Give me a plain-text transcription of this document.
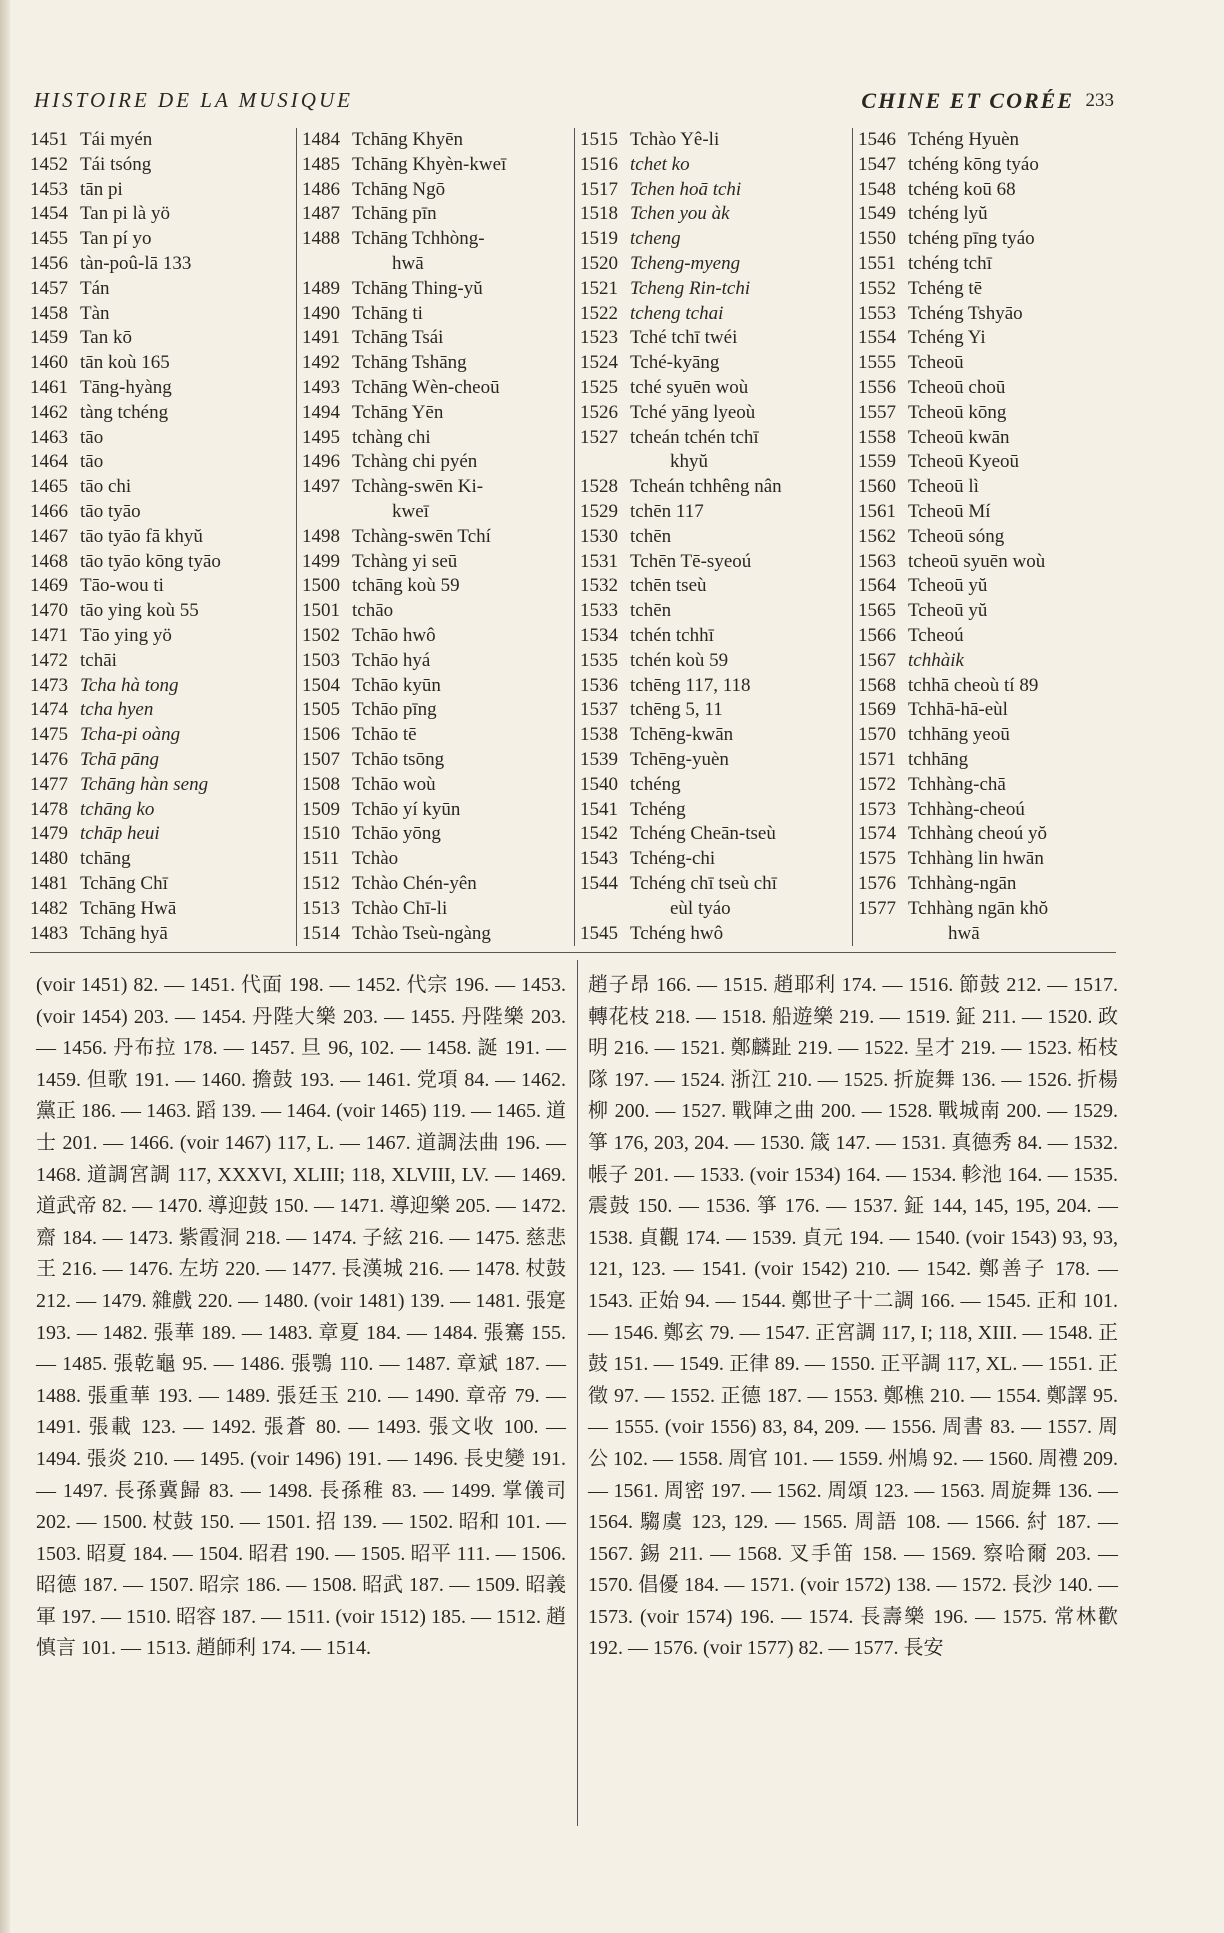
HISTOIRE DE LA MUSIQUE	CHINE ET CORÉE 233
1451 Tái myén
1452 Tái tsóng
1453 tān pi
1454 Tan pi là yö
1455 Tan pí yo
1456 tàn-poû-lā 133
1457 Tán
1458 Tàn
1459 Tan kō
1460 tān koù 165
1461 Tāng-hyàng
1462 tàng tchéng
1463 tāo
1464 tāo
1465 tāo chi
1466 tāo tyāo
1467 tāo tyāo fā khyŭ
1468 tāo tyāo kōng tyāo
1469 Tāo-wou ti
1470 tāo ying koù 55
1471 Tāo ying yö
1472 tchāi
1473 Tcha hà tong
1474 tcha hyen
1475 Tcha-pi oàng
1476 Tchā pāng
1477 Tchāng hàn seng
1478 tchāng ko
1479 tchāp heui
1480 tchāng
1481 Tchāng Chī
1482 Tchāng Hwā
1483 Tchāng hyā
1484 Tchāng Khyēn
1485 Tchāng Khyèn-kweī
1486 Tchāng Ngō
1487 Tchāng pīn
1488 Tchāng Tchhòng-
hwā
1489 Tchāng Thing-yŭ
1490 Tchāng ti
1491 Tchāng Tsái
1492 Tchāng Tshāng
1493 Tchāng Wèn-cheoū
1494 Tchāng Yēn
1495 tchàng chi
1496 Tchàng chi pyén
1497 Tchàng-swēn Ki-
kweī
1498 Tchàng-swēn Tchí
1499 Tchàng yi seū
1500 tchāng koù 59
1501 tchāo
1502 Tchāo hwô
1503 Tchāo hyá
1504 Tchāo kyūn
1505 Tchāo pīng
1506 Tchāo tē
1507 Tchāo tsōng
1508 Tchāo woù
1509 Tchāo yí kyūn
1510 Tchāo yōng
1511 Tchào
1512 Tchào Chén-yên
1513 Tchào Chī-li
1514 Tchào Tseù-ngàng
1515 Tchào Yê-li
1516 tchet ko
1517 Tchen hoā tchi
1518 Tchen you àk
1519 tcheng
1520 Tcheng-myeng
1521 Tcheng Rin-tchi
1522 tcheng tchai
1523 Tché tchī twéi
1524 Tché-kyāng
1525 tché syuēn woù
1526 Tché yāng lyeoù
1527 tcheán tchén tchī
khyŭ
1528 Tcheán tchhêng nân
1529 tchēn 117
1530 tchēn
1531 Tchēn Tē-syeoú
1532 tchēn tseù
1533 tchēn
1534 tchén tchhī
1535 tchén koù 59
1536 tchēng 117, 118
1537 tchēng 5, 11
1538 Tchēng-kwān
1539 Tchēng-yuèn
1540 tchéng
1541 Tchéng
1542 Tchéng Cheān-tseù
1543 Tchéng-chi
1544 Tchéng chī tseù chī
eùl tyáo
1545 Tchéng hwô
1546 Tchéng Hyuèn
1547 tchéng kōng tyáo
1548 tchéng koū 68
1549 tchéng lyŭ
1550 tchéng pīng tyáo
1551 tchéng tchī
1552 Tchéng tē
1553 Tchéng Tshyāo
1554 Tchéng Yi
1555 Tcheoū
1556 Tcheoū choū
1557 Tcheoū kōng
1558 Tcheoū kwān
1559 Tcheoū Kyeoū
1560 Tcheoū lì
1561 Tcheoū Mí
1562 Tcheoū sóng
1563 tcheoū syuēn woù
1564 Tcheoū yŭ
1565 Tcheoū yŭ
1566 Tcheoú
1567 tchhàik
1568 tchhā cheoù tí 89
1569 Tchhā-hā-eùl
1570 tchhāng yeoū
1571 tchhāng
1572 Tchhàng-chā
1573 Tchhàng-cheoú
1574 Tchhàng cheoú yŏ
1575 Tchhàng lin hwān
1576 Tchhàng-ngān
1577 Tchhàng ngān khŏ
hwā
(voir 1451) 82. — 1451. 代面 198. — 1452. 代宗 196. — 1453. (voir 1454) 203. — 1454. 丹陛大樂 203. — 1455. 丹陛樂 203. — 1456. 丹布拉 178. — 1457. 旦 96, 102. — 1458. 誕 191. — 1459. 但歌 191. — 1460. 擔鼓 193. — 1461. 党項 84. — 1462. 黨正 186. — 1463. 蹈 139. — 1464. (voir 1465) 119. — 1465. 道士 201. — 1466. (voir 1467) 117, L. — 1467. 道調法曲 196. — 1468. 道調宮調 117, XXXVI, XLIII; 118, XLVIII, LV. — 1469. 道武帝 82. — 1470. 導迎鼓 150. — 1471. 導迎樂 205. — 1472. 齋 184. — 1473. 紫霞洞 218. — 1474. 子絃 216. — 1475. 慈悲王 216. — 1476. 左坊 220. — 1477. 長漢城 216. — 1478. 杖鼓 212. — 1479. 雜戲 220. — 1480. (voir 1481) 139. — 1481. 張寔 193. — 1482. 張華 189. — 1483. 章夏 184. — 1484. 張騫 155. — 1485. 張乾龜 95. — 1486. 張鶚 110. — 1487. 章斌 187. — 1488. 張重華 193. — 1489. 張廷玉 210. — 1490. 章帝 79. — 1491. 張載 123. — 1492. 張蒼 80. — 1493. 張文收 100. — 1494. 張炎 210. — 1495. (voir 1496) 191. — 1496. 長史變 191. — 1497. 長孫冀歸 83. — 1498. 長孫稚 83. — 1499. 掌儀司 202. — 1500. 杖鼓 150. — 1501. 招 139. — 1502. 昭和 101. — 1503. 昭夏 184. — 1504. 昭君 190. — 1505. 昭平 111. — 1506. 昭德 187. — 1507. 昭宗 186. — 1508. 昭武 187. — 1509. 昭義軍 197. — 1510. 昭容 187. — 1511. (voir 1512) 185. — 1512. 趙慎言 101. — 1513. 趙師利 174. — 1514.
趙子昂 166. — 1515. 趙耶利 174. — 1516. 節鼓 212. — 1517. 轉花枝 218. — 1518. 船遊樂 219. — 1519. 鉦 211. — 1520. 政明 216. — 1521. 鄭麟趾 219. — 1522. 呈才 219. — 1523. 柘枝隊 197. — 1524. 浙江 210. — 1525. 折旋舞 136. — 1526. 折楊柳 200. — 1527. 戰陣之曲 200. — 1528. 戰城南 200. — 1529. 箏 176, 203, 204. — 1530. 箴 147. — 1531. 真德秀 84. — 1532. 帳子 201. — 1533. (voir 1534) 164. — 1534. 軫池 164. — 1535. 震鼓 150. — 1536. 箏 176. — 1537. 鉦 144, 145, 195, 204. — 1538. 貞觀 174. — 1539. 貞元 194. — 1540. (voir 1543) 93, 93, 121, 123. — 1541. (voir 1542) 210. — 1542. 鄭善子 178. — 1543. 正始 94. — 1544. 鄭世子十二調 166. — 1545. 正和 101. — 1546. 鄭玄 79. — 1547. 正宮調 117, I; 118, XIII. — 1548. 正鼓 151. — 1549. 正律 89. — 1550. 正平調 117, XL. — 1551. 正徵 97. — 1552. 正德 187. — 1553. 鄭樵 210. — 1554. 鄭譯 95. — 1555. (voir 1556) 83, 84, 209. — 1556. 周書 83. — 1557. 周公 102. — 1558. 周官 101. — 1559. 州鳩 92. — 1560. 周禮 209. — 1561. 周密 197. — 1562. 周頌 123. — 1563. 周旋舞 136. — 1564. 騶虞 123, 129. — 1565. 周語 108. — 1566. 紂 187. — 1567. 錫 211. — 1568. 叉手笛 158. — 1569. 察哈爾 203. — 1570. 倡優 184. — 1571. (voir 1572) 138. — 1572. 長沙 140. — 1573. (voir 1574) 196. — 1574. 長壽樂 196. — 1575. 常林歡 192. — 1576. (voir 1577) 82. — 1577. 長安
